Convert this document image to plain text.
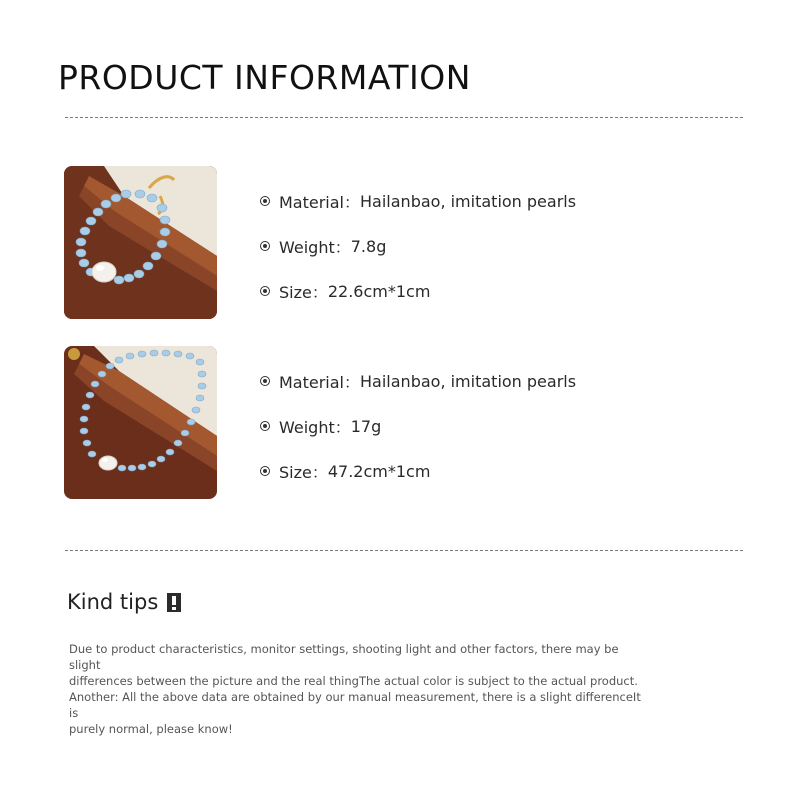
PRODUCT INFORMATION
Material： Hailanbao, imitation pearls
Weight： 7.8g
Size： 22.6cm*1cm
Material： Hailanbao, imitation pearls
Weight： 17g
Size： 47.2cm*1cm
Kind tips

Due to product characteristics, monitor settings, shooting light and other factors, there may be slight

differences between the picture and the real thingThe actual color is subject to the actual product.

Another: All the above data are obtained by our manual measurement, there is a slight differenceIt is

purely normal, please know!
